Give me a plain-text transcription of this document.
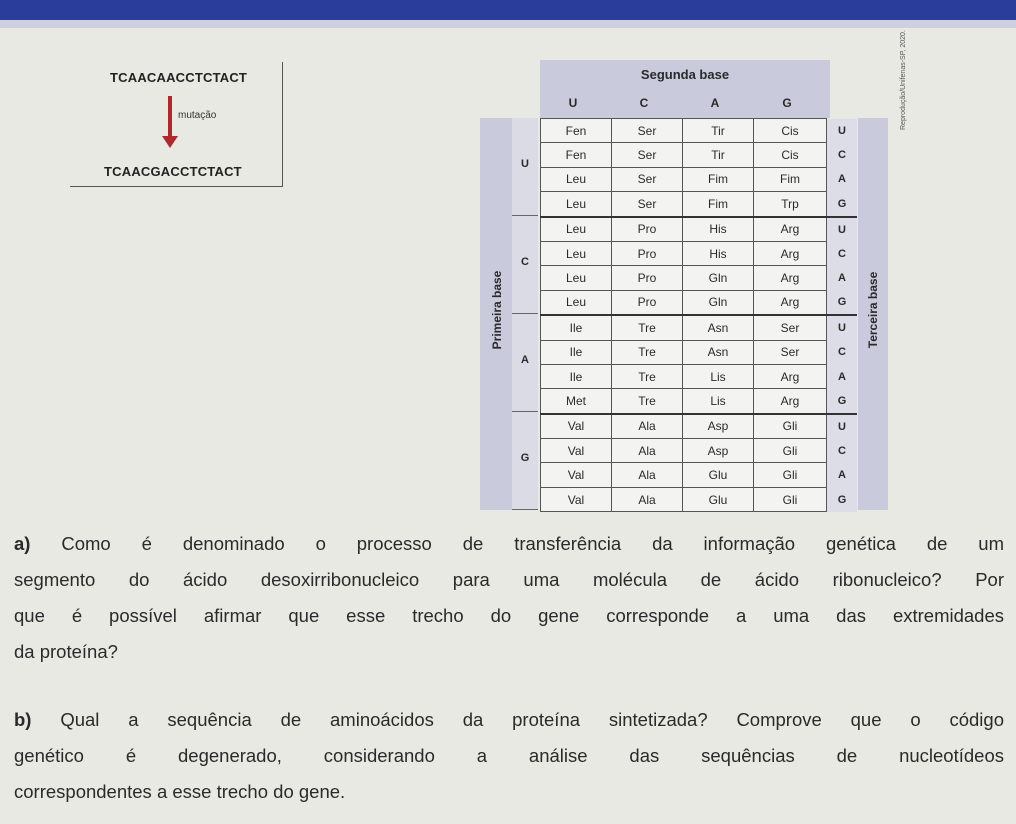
TCAACAACCTCTACT
mutação
TCAACGACCTCTACT
Segunda base
U	C	A	G
Primeira base
U
C
A
G
Fen	Ser	Tir	Cis	U
Fen	Ser	Tir	Cis	C
Leu	Ser	Fim	Fim	A
Leu	Ser	Fim	Trp	G
Leu	Pro	His	Arg	U
Leu	Pro	His	Arg	C
Leu	Pro	Gln	Arg	A
Leu	Pro	Gln	Arg	G
Ile	Tre	Asn	Ser	U
Ile	Tre	Asn	Ser	C
Ile	Tre	Lis	Arg	A
Met	Tre	Lis	Arg	G
Val	Ala	Asp	Gli	U
Val	Ala	Asp	Gli	C
Val	Ala	Glu	Gli	A
Val	Ala	Glu	Gli	G
Terceira base
Reprodução/Unifenas-SP, 2020.
a) Como é denominado o processo de transferência da informação genética de um
segmento do ácido desoxirribonucleico para uma molécula de ácido ribonucleico? Por
que é possível afirmar que esse trecho do gene corresponde a uma das extremidades
da proteína?
b) Qual a sequência de aminoácidos da proteína sintetizada? Comprove que o código
genético é degenerado, considerando a análise das sequências de nucleotídeos
correspondentes a esse trecho do gene.
